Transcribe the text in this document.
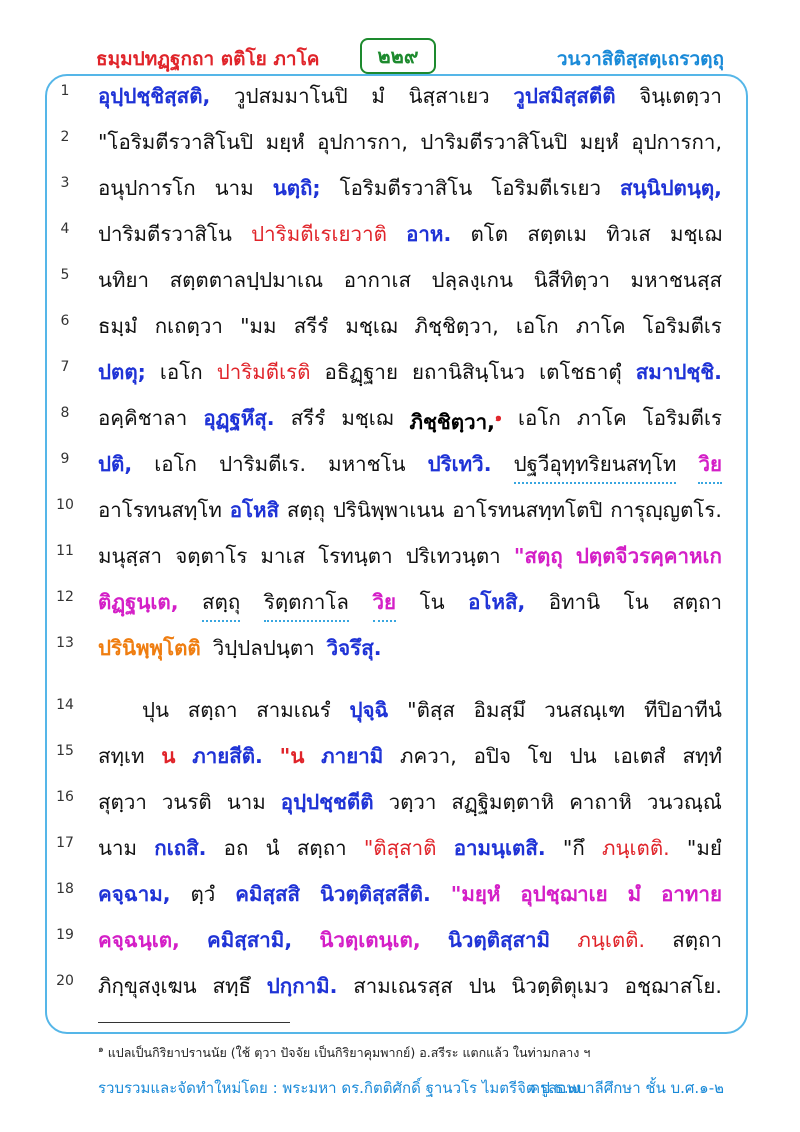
ธมฺมปทฏฺฐกถา ตติโย ภาโค	๒๒๙	วนวาสิติสฺสตฺเถรวตฺถุ
1	อุปฺปชฺชิสฺสติ, วูปสมมาโนปิ มํ นิสฺสาเยว วูปสมิสฺสตีติ จินฺเตตฺวา
2	"โอริมตีรวาสิโนปิ มยฺหํ อุปการกา, ปาริมตีรวาสิโนปิ มยฺหํ อุปการกา,
3	อนุปการโก นาม นตฺถิ; โอริมตีรวาสิโน โอริมตีเรเยว สนฺนิปตนฺตุ,
4	ปาริมตีรวาสิโน ปาริมตีเรเยวาติ อาห. ตโต สตฺตเม ทิวเส มชฺเฌ
5	นทิยา สตฺตตาลปฺปมาเณ อากาเส ปลฺลงฺเกน นิสีทิตฺวา มหาชนสฺส
6	ธมฺมํ กเถตฺวา "มม สรีรํ มชฺเฌ ภิชฺชิตฺวา, เอโก ภาโค โอริมตีเร
7	ปตตุ; เอโก ปาริมตีเรติ อธิฏฺฐาย ยถานิสินฺโนว เตโชธาตุํ สมาปชฺชิ.
8	อคฺคิชาลา อุฏฺฐหึสุ. สรีรํ มชฺเฌ ภิชฺชิตฺวา,$^๑$ เอโก ภาโค โอริมตีเร
9	ปติ, เอโก ปาริมตีเร. มหาชโน ปริเทวิ. ปฐวีอุทฺทริยนสทฺโท วิย
10 อาโรทนสทฺโท อโหสิ สตฺถุ ปรินิพฺพาเนน อาโรทนสทฺทโตปิ การุญฺญตโร.
11 มนุสฺสา จตฺตาโร มาเส โรทนฺตา ปริเทวนฺตา "สตฺถุ ปตฺตจีวรคฺคาหเก
12 ติฏฺฐนฺเต, สตฺถุ ริตฺตกาโล วิย โน อโหสิ, อิทานิ โน สตฺถา
13 ปรินิพฺพุโตติ วิปฺปลปนฺตา วิจรึสุ.
14	ปุน สตฺถา สามเณรํ ปุจฺฉิ "ติสฺส อิมสฺมึ วนสณฺเฑ ทีปิอาทีนํ
15 สทฺเท น ภายสีติ. "น ภายามิ ภควา, อปิจ โข ปน เอเตสํ สทฺทํ
16 สุตฺวา วนรติ นาม อุปฺปชฺชตีติ วตฺวา สฏฺฐิมตฺตาหิ คาถาหิ วนวณฺณํ
17 นาม กเถสิ. อถ นํ สตฺถา "ติสฺสาติ อามนฺเตสิ. "กึ ภนฺเตติ. "มยํ
18 คจฺฉาม, ตฺวํ คมิสฺสสิ นิวตฺติสฺสสีติ. "มยฺหํ อุปชฺฌาเย มํ อาทาย
19 คจฺฉนฺเต, คมิสฺสามิ, นิวตฺเตนฺเต, นิวตฺติสฺสามิ ภนฺเตติ. สตฺถา
20 ภิกฺขุสงฺเฆน สทฺธึ ปกฺกามิ. สามเณรสฺส ปน นิวตฺติตุเมว อชฺฌาสโย.
$^๑$ แปลเป็นกิริยาปรานนัย (ใช้ ตฺวา ปัจจัย เป็นกิริยาคุมพากย์) อ.สรีระ แตกแล้ว ในท่ามกลาง ฯ
รวบรวมและจัดทำใหม่โดย : พระมหา ดร.กิตติศักดิ์ ฐานวโร ไมตรีจิต ป.ธ.๗
ครูสอนบาลีศึกษา ชั้น บ.ศ.๑-๒
